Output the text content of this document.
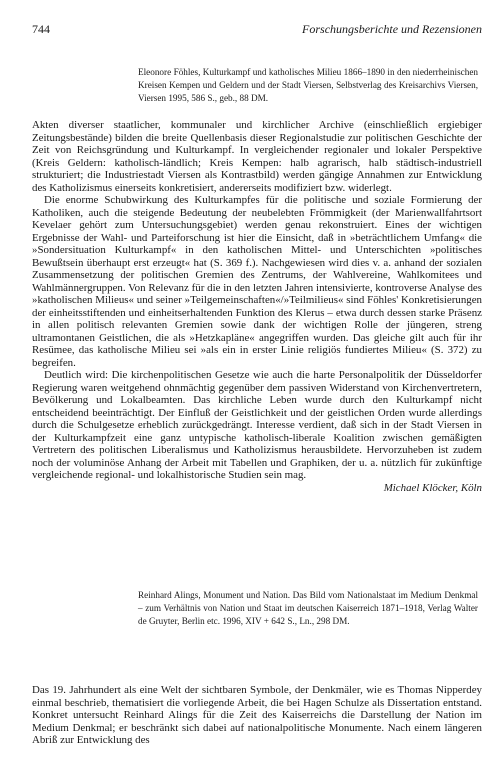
744	Forschungsberichte und Rezensionen
Eleonore Föhles, Kulturkampf und katholisches Milieu 1866–1890 in den niederrheinischen Kreisen Kempen und Geldern und der Stadt Viersen, Selbstverlag des Kreisarchivs Viersen, Viersen 1995, 586 S., geb., 88 DM.

Akten diverser staatlicher, kommunaler und kirchlicher Archive (einschließlich ergiebiger Zeitungsbestände) bilden die breite Quellenbasis dieser Regionalstudie zur politischen Geschichte der Zeit von Reichsgründung und Kulturkampf. In vergleichender regionaler und lokaler Perspektive (Kreis Geldern: katholisch-ländlich; Kreis Kempen: halb agrarisch, halb städtisch-industriell strukturiert; die Industriestadt Viersen als Kontrastbild) werden gängige Annahmen zur Entwicklung des Katholizismus einerseits konkretisiert, andererseits modifiziert bzw. widerlegt.

Die enorme Schubwirkung des Kulturkampfes für die politische und soziale Formierung der Katholiken, auch die steigende Bedeutung der neubelebten Frömmigkeit (der Marienwallfahrtsort Kevelaer gehört zum Untersuchungsgebiet) werden genau rekonstruiert. Eines der wichtigen Ergebnisse der Wahl- und Parteiforschung ist hier die Einsicht, daß in »beträchtlichem Umfang« die »Sondersituation Kulturkampf« in den katholischen Mittel- und Unterschichten »politisches Bewußtsein überhaupt erst erzeugt« hat (S. 369 f.). Nachgewiesen wird dies v. a. anhand der sozialen Zusammensetzung der politischen Gremien des Zentrums, der Wahlvereine, Wahlkomitees und Wahlmännergruppen. Von Relevanz für die in den letzten Jahren intensivierte, kontroverse Analyse des »katholischen Milieus« und seiner »Teilgemeinschaften«/»Teilmilieus« sind Föhles' Konkretisierungen der einheitsstiftenden und einheitserhaltenden Funktion des Klerus – etwa durch dessen starke Präsenz in allen politisch relevanten Gremien sowie dank der wichtigen Rolle der jüngeren, streng ultramontanen Geistlichen, die als »Hetzkapläne« angegriffen wurden. Das gleiche gilt auch für ihr Resümee, das katholische Milieu sei »als ein in erster Linie religiös fundiertes Milieu« (S. 372) zu begreifen.

Deutlich wird: Die kirchenpolitischen Gesetze wie auch die harte Personalpolitik der Düsseldorfer Regierung waren weitgehend ohnmächtig gegenüber dem passiven Widerstand von Kirchenvertretern, Bevölkerung und Lokalbeamten. Das kirchliche Leben wurde durch den Kulturkampf nicht entscheidend beeinträchtigt. Der Einfluß der Geistlichkeit und der geistlichen Orden wurde allerdings durch die Schulgesetze erheblich zurückgedrängt. Interesse verdient, daß sich in der Stadt Viersen in der Kulturkampfzeit eine ganz untypische katholisch-liberale Koalition zwischen gemäßigten Vertretern des politischen Liberalismus und Katholizismus herausbildete. Hervorzuheben ist zudem noch der voluminöse Anhang der Arbeit mit Tabellen und Graphiken, der u. a. nützlich für zukünftige vergleichende regional- und lokalhistorische Studien sein mag.

Michael Klöcker, Köln

Reinhard Alings, Monument und Nation. Das Bild vom Nationalstaat im Medium Denkmal – zum Verhältnis von Nation und Staat im deutschen Kaiserreich 1871–1918, Verlag Walter de Gruyter, Berlin etc. 1996, XIV + 642 S., Ln., 298 DM.

Das 19. Jahrhundert als eine Welt der sichtbaren Symbole, der Denkmäler, wie es Thomas Nipperdey einmal beschrieb, thematisiert die vorliegende Arbeit, die bei Hagen Schulze als Dissertation entstand. Konkret untersucht Reinhard Alings für die Zeit des Kaiserreichs die Darstellung der Nation im Medium Denkmal; er beschränkt sich dabei auf nationalpolitische Monumente. Nach einem längeren Abriß zur Entwicklung des
